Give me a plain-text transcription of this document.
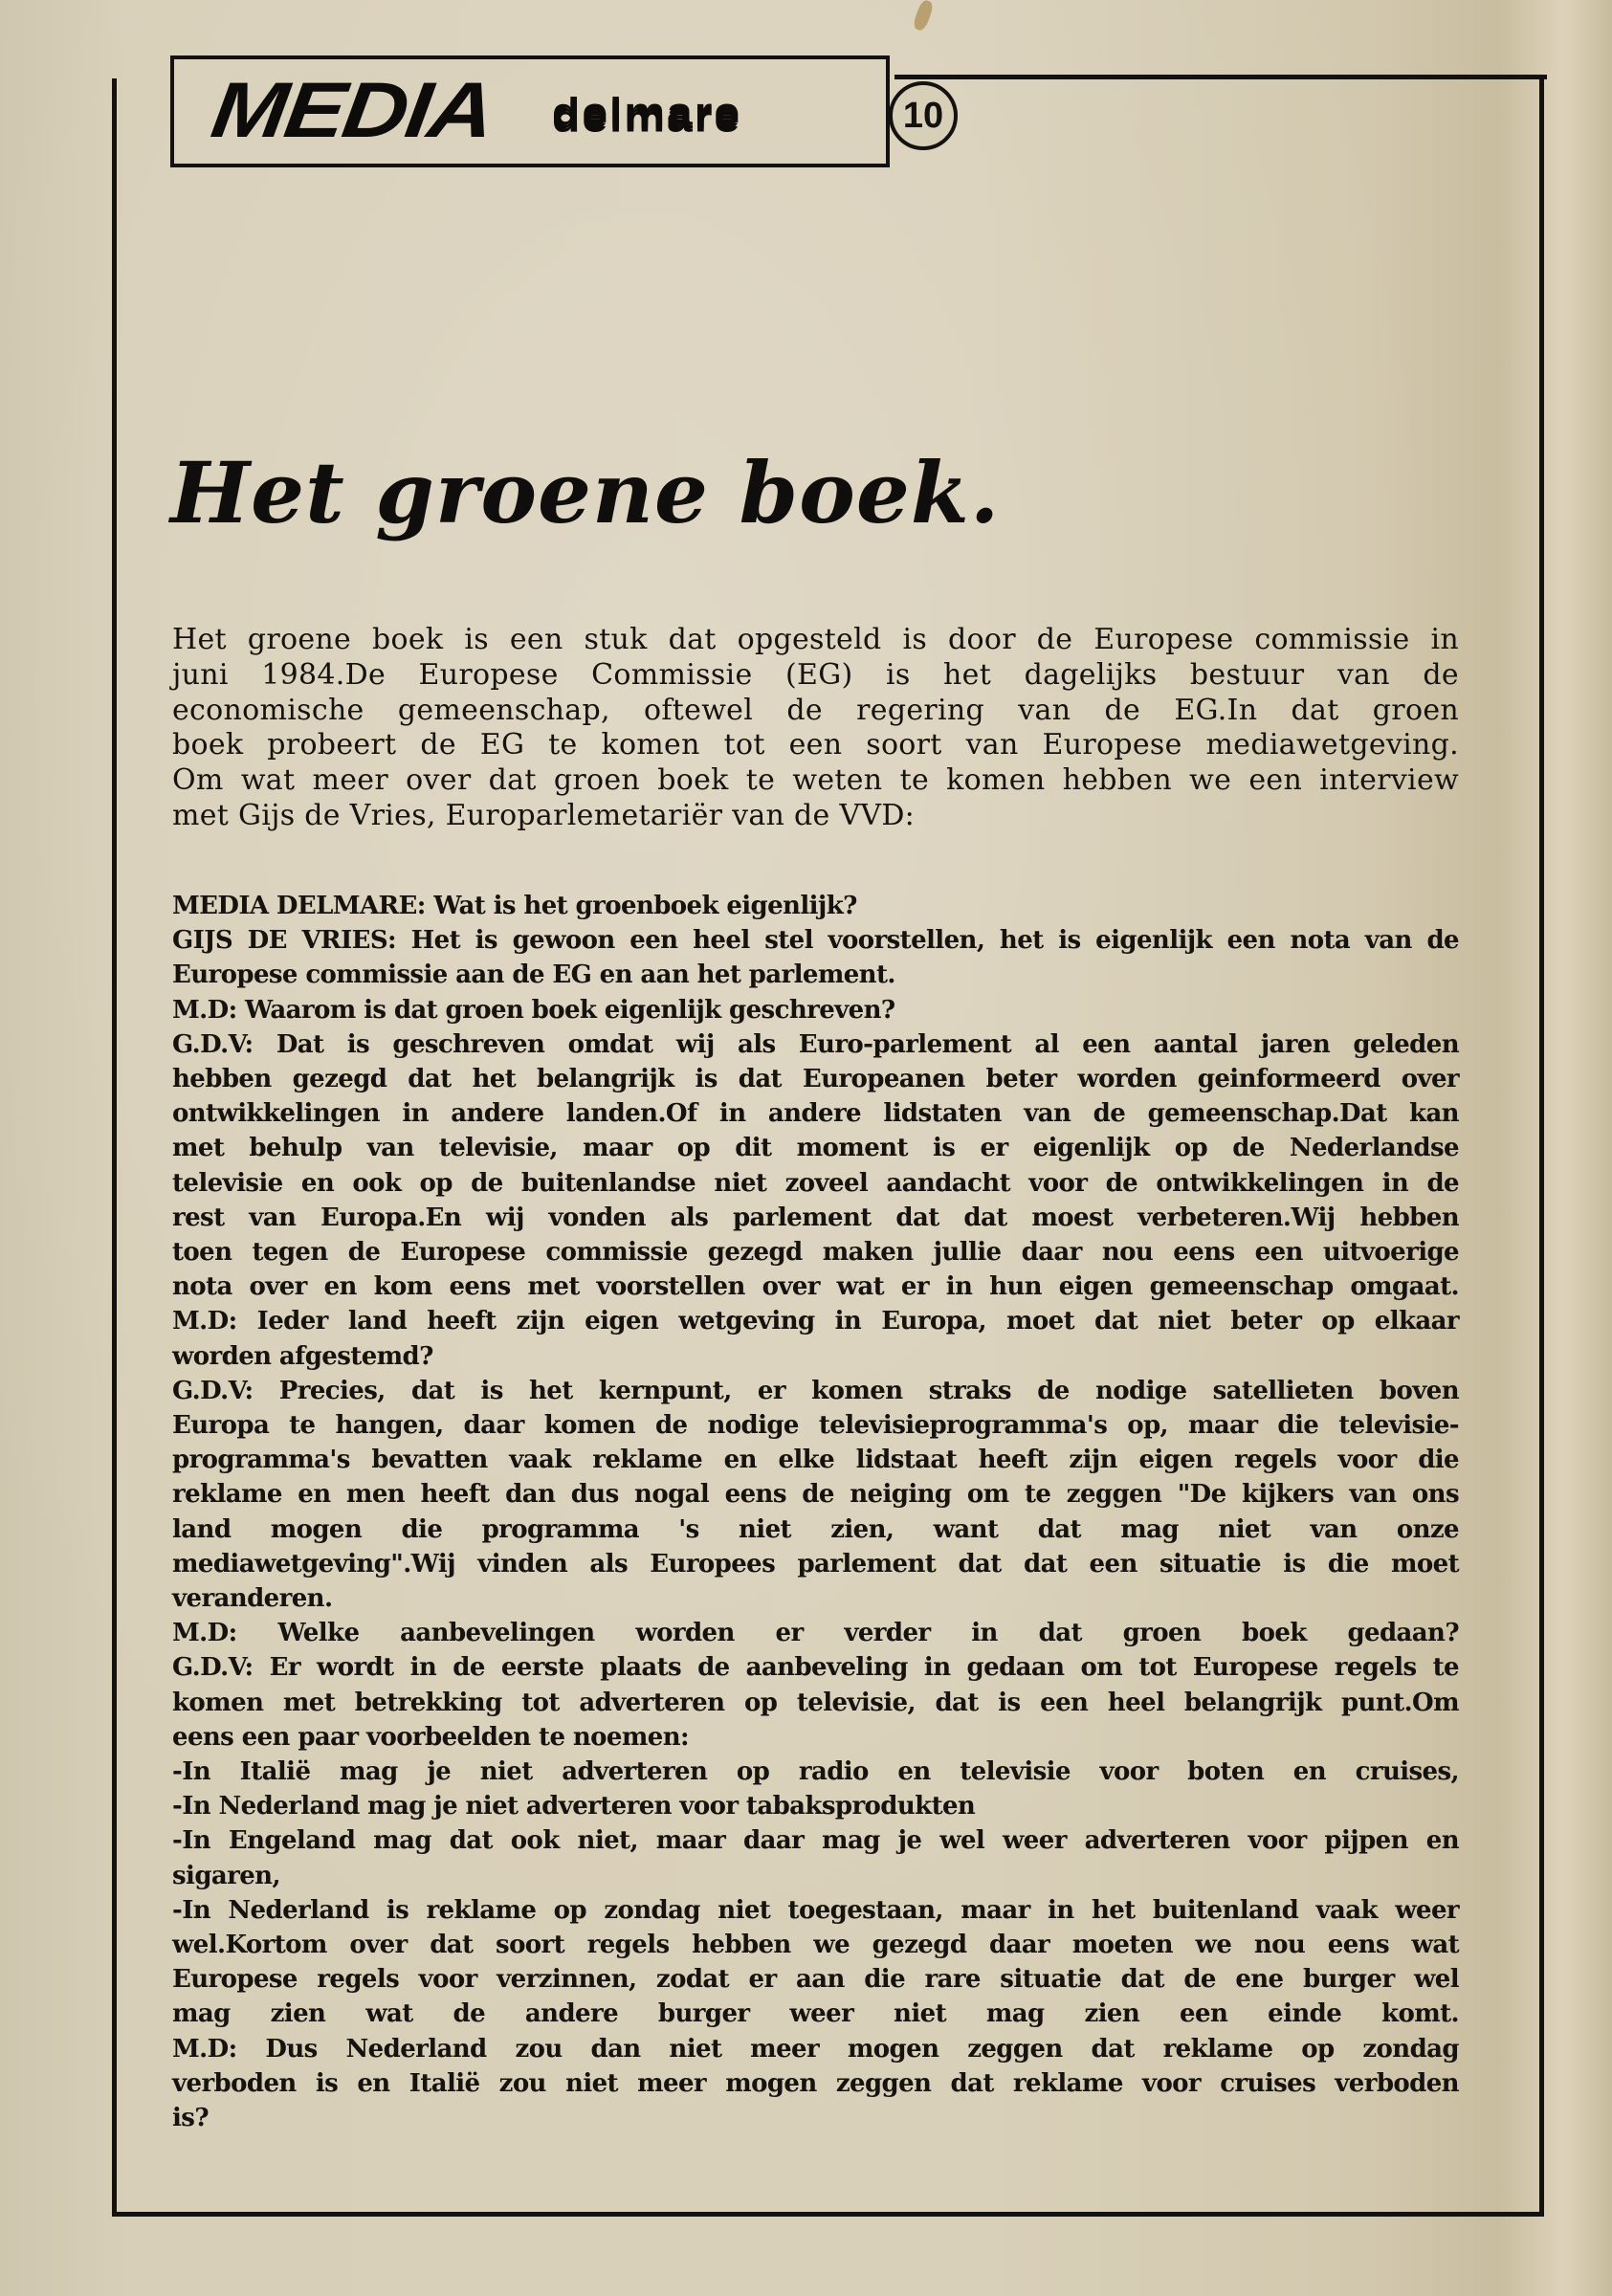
MEDIA delmare	10
Het groene boek.
Het groene boek is een stuk dat opgesteld is door de Europese commissie in
juni 1984.De Europese Commissie (EG) is het dagelijks bestuur van de
economische gemeenschap, oftewel de regering van de EG.In dat groen
boek probeert de EG te komen tot een soort van Europese mediawetgeving.
Om wat meer over dat groen boek te weten te komen hebben we een interview
met Gijs de Vries, Europarlemetariër van de VVD:
MEDIA DELMARE: Wat is het groenboek eigenlijk?
GIJS DE VRIES: Het is gewoon een heel stel voorstellen, het is eigenlijk een nota van de
Europese commissie aan de EG en aan het parlement.
M.D: Waarom is dat groen boek eigenlijk geschreven?
G.D.V: Dat is geschreven omdat wij als Euro-parlement al een aantal jaren geleden
hebben gezegd dat het belangrijk is dat Europeanen beter worden geinformeerd over
ontwikkelingen in andere landen.Of in andere lidstaten van de gemeenschap.Dat kan
met behulp van televisie, maar op dit moment is er eigenlijk op de Nederlandse
televisie en ook op de buitenlandse niet zoveel aandacht voor de ontwikkelingen in de
rest van Europa.En wij vonden als parlement dat dat moest verbeteren.Wij hebben
toen tegen de Europese commissie gezegd maken jullie daar nou eens een uitvoerige
nota over en kom eens met voorstellen over wat er in hun eigen gemeenschap omgaat.
M.D: Ieder land heeft zijn eigen wetgeving in Europa, moet dat niet beter op elkaar
worden afgestemd?
G.D.V: Precies, dat is het kernpunt, er komen straks de nodige satellieten boven
Europa te hangen, daar komen de nodige televisieprogramma's op, maar die televisie-
programma's bevatten vaak reklame en elke lidstaat heeft zijn eigen regels voor die
reklame en men heeft dan dus nogal eens de neiging om te zeggen "De kijkers van ons
land mogen die programma 's niet zien, want dat mag niet van onze
mediawetgeving".Wij vinden als Europees parlement dat dat een situatie is die moet
veranderen.
M.D: Welke aanbevelingen worden er verder in dat groen boek gedaan?
G.D.V: Er wordt in de eerste plaats de aanbeveling in gedaan om tot Europese regels te
komen met betrekking tot adverteren op televisie, dat is een heel belangrijk punt.Om
eens een paar voorbeelden te noemen:
-In Italië mag je niet adverteren op radio en televisie voor boten en cruises,
-In Nederland mag je niet adverteren voor tabaksprodukten
-In Engeland mag dat ook niet, maar daar mag je wel weer adverteren voor pijpen en
sigaren,
-In Nederland is reklame op zondag niet toegestaan, maar in het buitenland vaak weer
wel.Kortom over dat soort regels hebben we gezegd daar moeten we nou eens wat
Europese regels voor verzinnen, zodat er aan die rare situatie dat de ene burger wel
mag zien wat de andere burger weer niet mag zien een einde komt.
M.D: Dus Nederland zou dan niet meer mogen zeggen dat reklame op zondag
verboden is en Italië zou niet meer mogen zeggen dat reklame voor cruises verboden
is?
